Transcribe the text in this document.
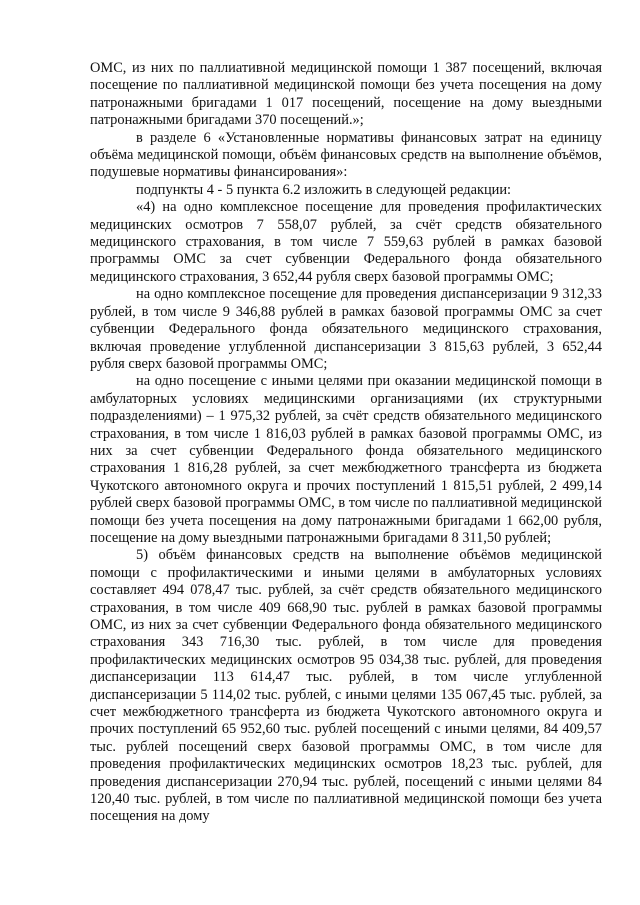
ОМС, из них по паллиативной медицинской помощи 1 387 посещений, включая посещение по паллиативной медицинской помощи без учета посещения на дому патронажными бригадами 1 017 посещений, посещение на дому выездными патронажными бригадами 370 посещений.»;

в разделе 6 «Установленные нормативы финансовых затрат на единицу объёма медицинской помощи, объём финансовых средств на выполнение объёмов, подушевые нормативы финансирования»:

подпункты 4 - 5 пункта 6.2 изложить в следующей редакции:

«4) на одно комплексное посещение для проведения профилактических медицинских осмотров 7 558,07 рублей, за счёт средств обязательного медицинского страхования, в том числе 7 559,63 рублей в рамках базовой программы ОМС за счет субвенции Федерального фонда обязательного медицинского страхования, 3 652,44 рубля сверх базовой программы ОМС;

на одно комплексное посещение для проведения диспансеризации 9 312,33 рублей, в том числе 9 346,88 рублей в рамках базовой программы ОМС за счет субвенции Федерального фонда обязательного медицинского страхования, включая проведение углубленной диспансеризации 3 815,63 рублей, 3 652,44 рубля сверх базовой программы ОМС;

на одно посещение с иными целями при оказании медицинской помощи в амбулаторных условиях медицинскими организациями (их структурными подразделениями) – 1 975,32 рублей, за счёт средств обязательного медицинского страхования, в том числе 1 816,03 рублей в рамках базовой программы ОМС, из них за счет субвенции Федерального фонда обязательного медицинского страхования 1 816,28 рублей, за счет межбюджетного трансферта из бюджета Чукотского автономного округа и прочих поступлений 1 815,51 рублей, 2 499,14 рублей сверх базовой программы ОМС, в том числе по паллиативной медицинской помощи без учета посещения на дому патронажными бригадами 1 662,00 рубля, посещение на дому выездными патронажными бригадами 8 311,50 рублей;

5) объём финансовых средств на выполнение объёмов медицинской помощи с профилактическими и иными целями в амбулаторных условиях составляет 494 078,47 тыс. рублей, за счёт средств обязательного медицинского страхования, в том числе 409 668,90 тыс. рублей в рамках базовой программы ОМС, из них за счет субвенции Федерального фонда обязательного медицинского страхования 343 716,30 тыс. рублей, в том числе для проведения профилактических медицинских осмотров 95 034,38 тыс. рублей, для проведения диспансеризации 113 614,47 тыс. рублей, в том числе углубленной диспансеризации 5 114,02 тыс. рублей, с иными целями 135 067,45 тыс. рублей, за счет межбюджетного трансферта из бюджета Чукотского автономного округа и прочих поступлений 65 952,60 тыс. рублей посещений с иными целями, 84 409,57 тыс. рублей посещений сверх базовой программы ОМС, в том числе для проведения профилактических медицинских осмотров 18,23 тыс. рублей, для проведения диспансеризации 270,94 тыс. рублей, посещений с иными целями 84 120,40 тыс. рублей, в том числе по паллиативной медицинской помощи без учета посещения на дому
